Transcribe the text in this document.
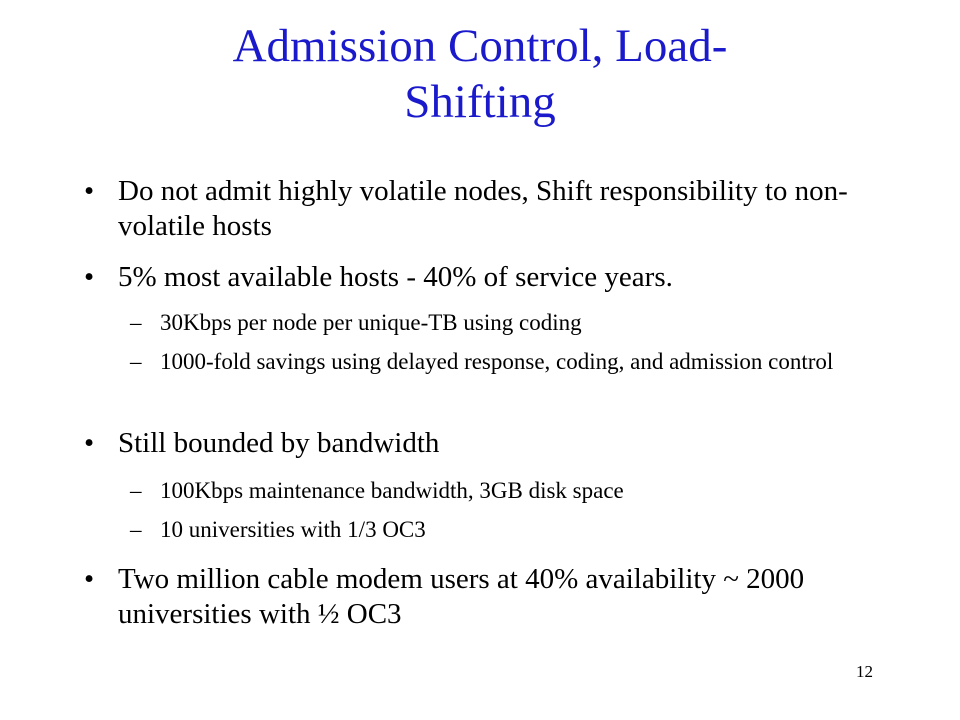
Admission Control, Load-
Shifting
• Do not admit highly volatile nodes, Shift responsibility to non-volatile hosts
• 5% most available hosts - 40% of service years.
– 30Kbps per node per unique-TB using coding
– 1000-fold savings using delayed response, coding, and admission control
• Still bounded by bandwidth
– 100Kbps maintenance bandwidth, 3GB disk space
– 10 universities with 1/3 OC3
• Two million cable modem users at 40% availability ~ 2000 universities with ½ OC3
12
